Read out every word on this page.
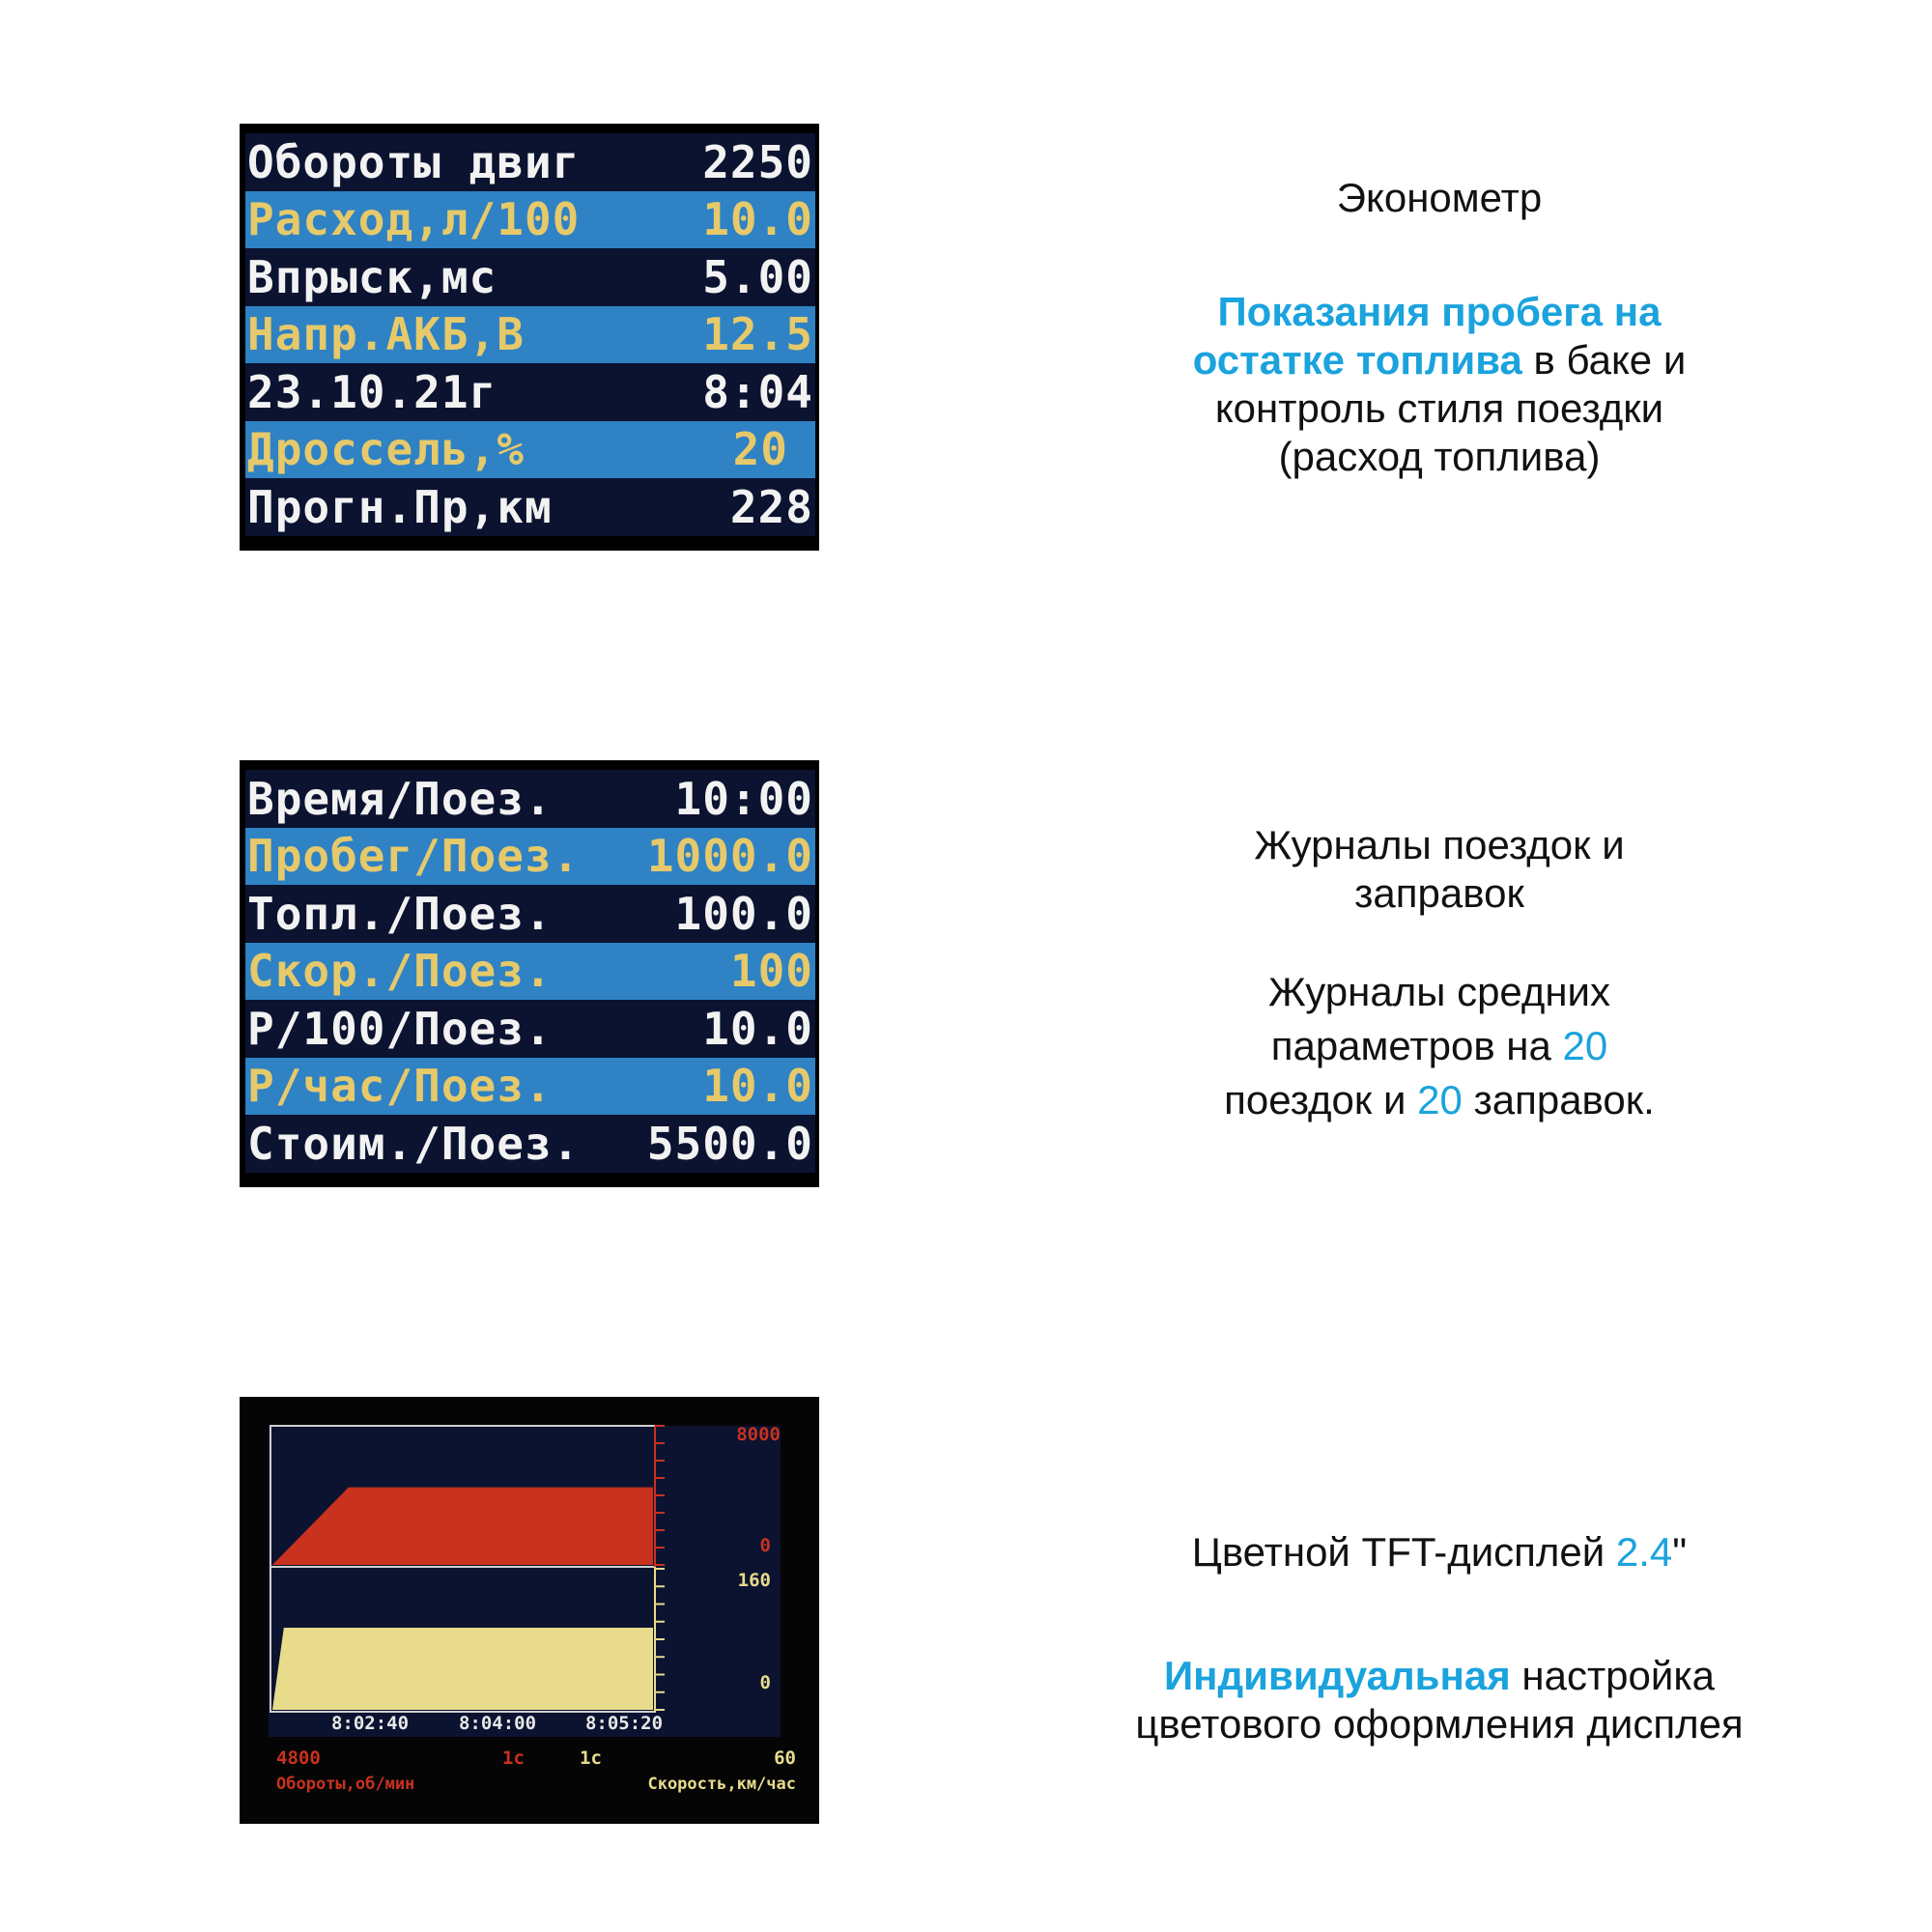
Обороты двиг	2250
Расход,л/100	10.0
Впрыск,мс	5.00
Напр.АКБ,В	12.5
23.10.21г	8:04
Дроссель,%	20
Прогн.Пр,км	228

Эконометр

Показания пробега на

остатке топлива в баке и

контроль стиля поездки

(расход топлива)

Время/Поез.	10:00
Пробег/Поез. 1000.0
Топл./Поез.	100.0
Скор./Поез.	100
Р/100/Поез.	10.0
Р/час/Поез.	10.0
Стоим./Поез. 5500.0

Журналы поездок и

заправок

Журналы средних

параметров на 20

поездок и 20 заправок.

8000
0
160
0
8:02:40	8:04:00	8:05:20
4800	1с	1с	60
Обороты,об/мин	Скорость,км/час

Цветной TFT-дисплей 2.4"

Индивидуальная настройка

цветового оформления дисплея
